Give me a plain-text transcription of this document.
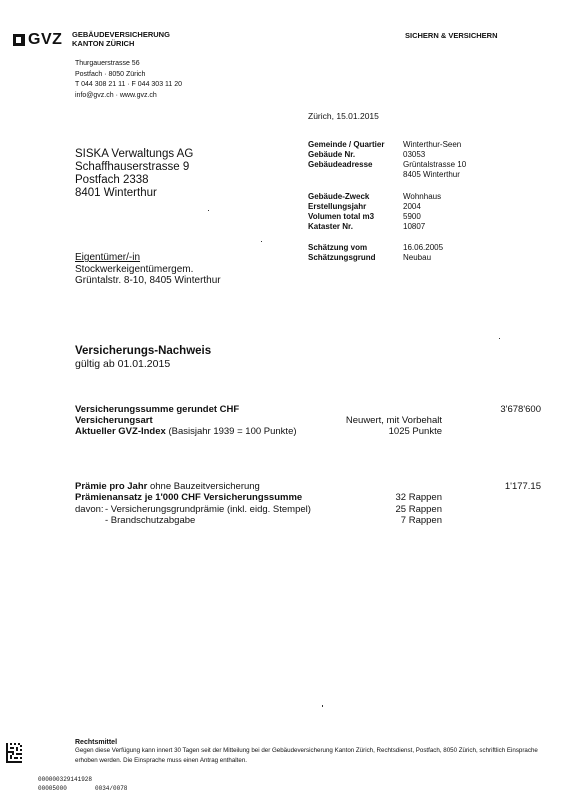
GVZ GEBÄUDEVERSICHERUNG
KANTON ZÜRICH
SICHERN & VERSICHERN
Thurgauerstrasse 56
Postfach · 8050 Zürich
T 044 308 21 11 · F 044 303 11 20
info@gvz.ch · www.gvz.ch
Zürich, 15.01.2015
SISKA Verwaltungs AG
Schaffhauserstrasse 9
Postfach 2338
8401 Winterthur
Gemeinde / Quartier Winterthur-Seen
Gebäude Nr.	03053
Gebäudeadresse	Grüntalstrasse 10
8405 Winterthur
Gebäude-Zweck	Wohnhaus
Erstellungsjahr	2004
Volumen total m3	5900
Kataster Nr.	10807
Schätzung vom	16.06.2005
Schätzungsgrund	Neubau
Eigentümer/-in
Stockwerkeigentümergem.
Grüntalstr. 8-10, 8405 Winterthur
Versicherungs-Nachweis
gültig ab 01.01.2015
Versicherungssumme gerundet CHF	3'678'600
Versicherungsart	Neuwert, mit Vorbehalt
Aktueller GVZ-Index (Basisjahr 1939 = 100 Punkte)	1025 Punkte
Prämie pro Jahr ohne Bauzeitversicherung	1'177.15
Prämienansatz je 1'000 CHF Versicherungssumme	32 Rappen
davon: - Versicherungsgrundprämie (inkl. eidg. Stempel)	25 Rappen
- Brandschutzabgabe	7 Rappen
Rechtsmittel
Gegen diese Verfügung kann innert 30 Tagen seit der Mitteilung bei der Gebäudeversicherung Kanton Zürich, Rechtsdienst, Postfach, 8050 Zürich, schriftlich Einsprache erhoben werden. Die Einsprache muss einen Antrag enthalten.
000000329141928
00005000	0034/0078
